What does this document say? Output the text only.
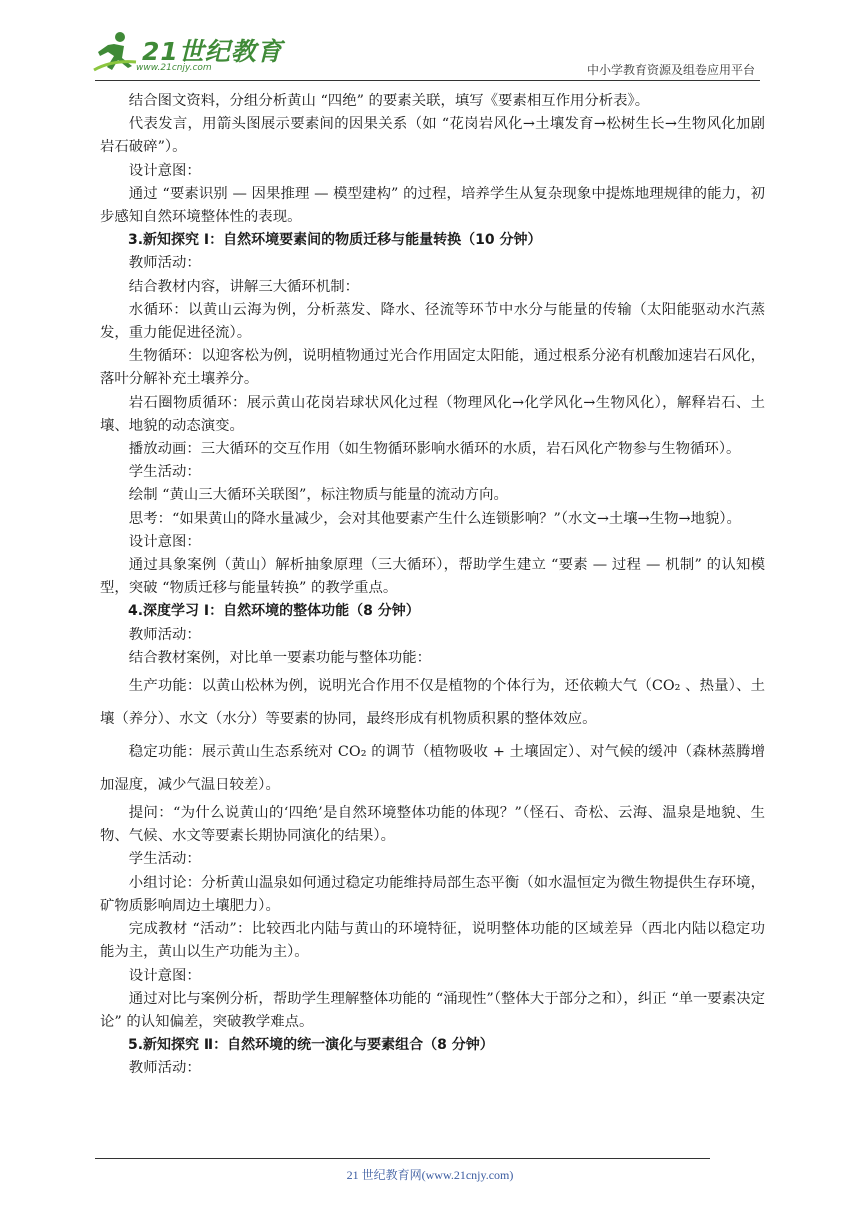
21世纪教育
www.21cnjy.com	中小学教育资源及组卷应用平台

结合图文资料，分组分析黄山 “四绝” 的要素关联，填写《要素相互作用分析表》。

代表发言，用箭头图展示要素间的因果关系（如 “花岗岩风化→土壤发育→松树生长→生物风化加剧岩石破碎”）。

设计意图：

通过 “要素识别 — 因果推理 — 模型建构” 的过程，培养学生从复杂现象中提炼地理规律的能力，初步感知自然环境整体性的表现。

3.新知探究 Ⅰ：自然环境要素间的物质迁移与能量转换（10 分钟）

教师活动：

结合教材内容，讲解三大循环机制：

水循环：以黄山云海为例，分析蒸发、降水、径流等环节中水分与能量的传输（太阳能驱动水汽蒸发，重力能促进径流）。

生物循环：以迎客松为例，说明植物通过光合作用固定太阳能，通过根系分泌有机酸加速岩石风化，落叶分解补充土壤养分。

岩石圈物质循环：展示黄山花岗岩球状风化过程（物理风化→化学风化→生物风化），解释岩石、土壤、地貌的动态演变。

播放动画：三大循环的交互作用（如生物循环影响水循环的水质，岩石风化产物参与生物循环）。

学生活动：

绘制 “黄山三大循环关联图”，标注物质与能量的流动方向。

思考：“如果黄山的降水量减少，会对其他要素产生什么连锁影响？”（水文→土壤→生物→地貌）。

设计意图：

通过具象案例（黄山）解析抽象原理（三大循环），帮助学生建立 “要素 — 过程 — 机制” 的认知模型，突破 “物质迁移与能量转换” 的教学重点。

4.深度学习 Ⅰ：自然环境的整体功能（8 分钟）

教师活动：

结合教材案例，对比单一要素功能与整体功能：

生产功能：以黄山松林为例，说明光合作用不仅是植物的个体行为，还依赖大气（CO₂ 、热量）、土壤（养分）、水文（水分）等要素的协同，最终形成有机物质积累的整体效应。

稳定功能：展示黄山生态系统对 CO₂ 的调节（植物吸收 + 土壤固定）、对气候的缓冲（森林蒸腾增加湿度，减少气温日较差）。

提问：“为什么说黄山的‘四绝’是自然环境整体功能的体现？”（怪石、奇松、云海、温泉是地貌、生物、气候、水文等要素长期协同演化的结果）。

学生活动：

小组讨论：分析黄山温泉如何通过稳定功能维持局部生态平衡（如水温恒定为微生物提供生存环境，矿物质影响周边土壤肥力）。

完成教材 “活动”：比较西北内陆与黄山的环境特征，说明整体功能的区域差异（西北内陆以稳定功能为主，黄山以生产功能为主）。

设计意图：

通过对比与案例分析，帮助学生理解整体功能的 “涌现性”（整体大于部分之和），纠正 “单一要素决定论” 的认知偏差，突破教学难点。

5.新知探究 Ⅱ：自然环境的统一演化与要素组合（8 分钟）

教师活动：

21 世纪教育网(www.21cnjy.com)
